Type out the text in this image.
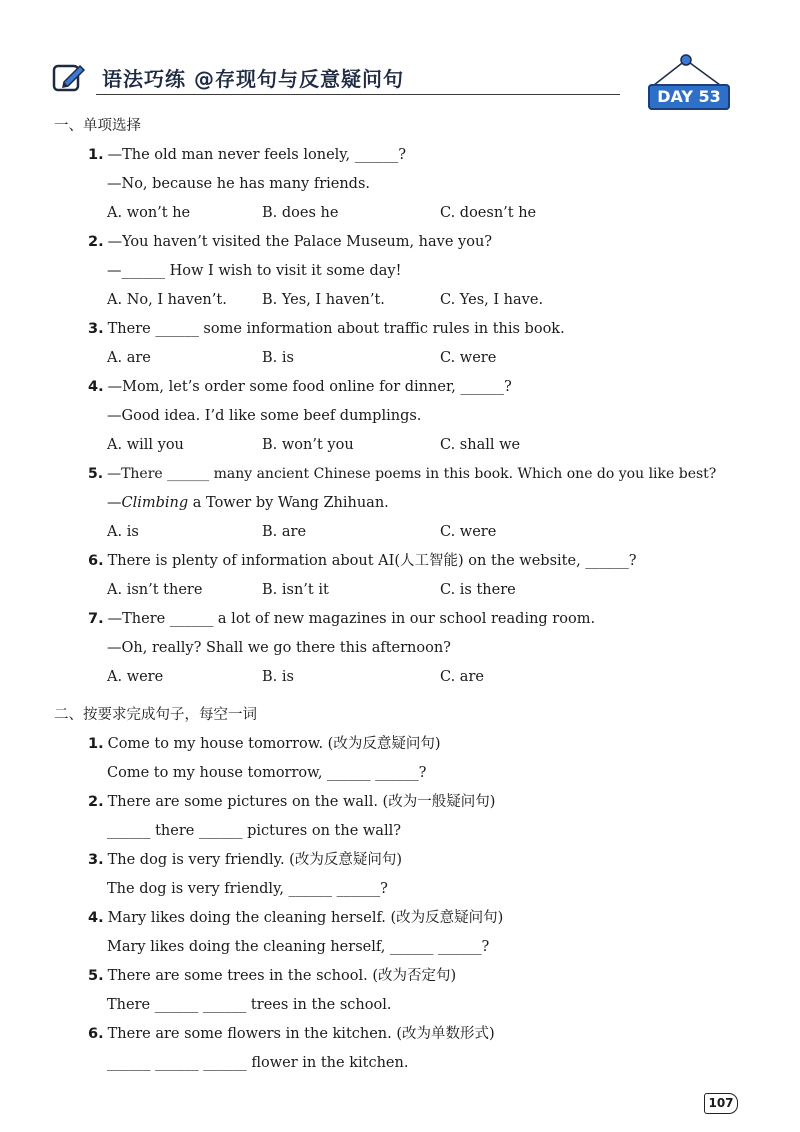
语法巧练 @存现句与反意疑问句
DAY 53
一、单项选择
1. —The old man never feels lonely, ______?
—No, because he has many friends.
A. won’t he	B. does he	C. doesn’t he
2. —You haven’t visited the Palace Museum, have you?
—______ How I wish to visit it some day!
A. No, I haven’t. B. Yes, I haven’t.	C. Yes, I have.
3. There ______ some information about traffic rules in this book.
A. are	B. is	C. were
4. —Mom, let’s order some food online for dinner, ______?
—Good idea. I’d like some beef dumplings.
A. will you	B. won’t you	C. shall we
5. —There ______ many ancient Chinese poems in this book. Which one do you like best?
—Climbing a Tower by Wang Zhihuan.
A. is	B. are	C. were
6. There is plenty of information about AI(人工智能) on the website, ______?
A. isn’t there	B. isn’t it	C. is there
7. —There ______ a lot of new magazines in our school reading room.
—Oh, really? Shall we go there this afternoon?
A. were	B. is	C. are
二、按要求完成句子，每空一词
1. Come to my house tomorrow. (改为反意疑问句)
Come to my house tomorrow, ______ ______?
2. There are some pictures on the wall. (改为一般疑问句)
______ there ______ pictures on the wall?
3. The dog is very friendly. (改为反意疑问句)
The dog is very friendly, ______ ______?
4. Mary likes doing the cleaning herself. (改为反意疑问句)
Mary likes doing the cleaning herself, ______ ______?
5. There are some trees in the school. (改为否定句)
There ______ ______ trees in the school.
6. There are some flowers in the kitchen. (改为单数形式)
______ ______ ______ flower in the kitchen.
107
